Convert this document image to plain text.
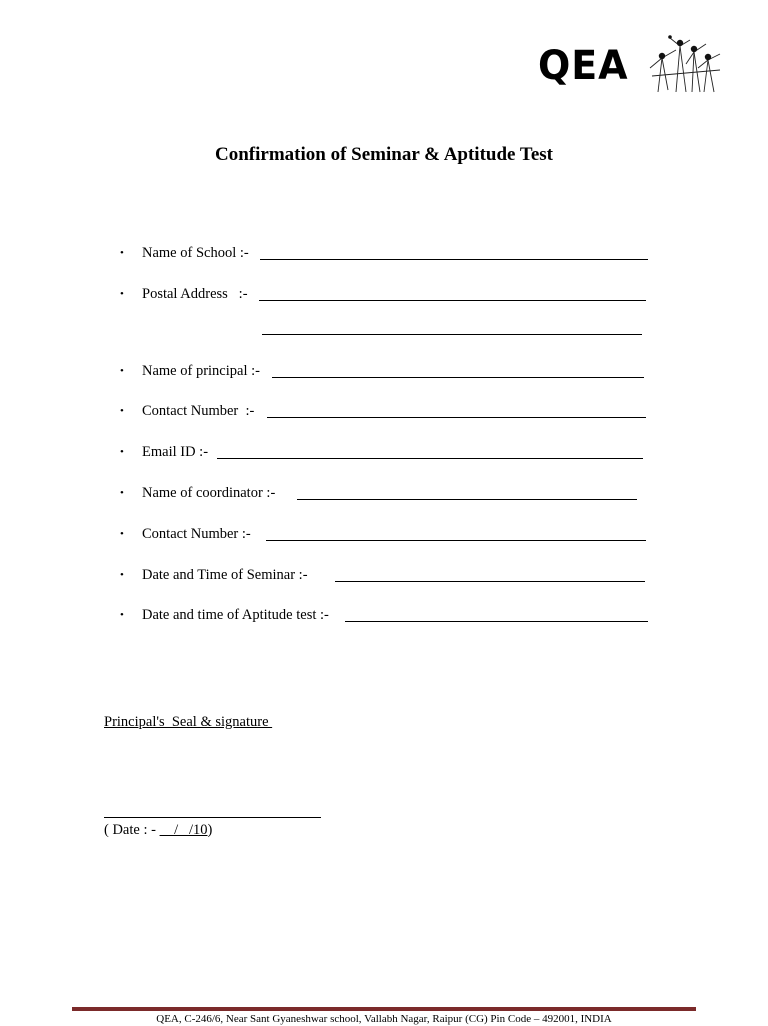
QEA
Confirmation of Seminar & Aptitude Test
• Name of School :-
• Postal Address   :-
• Name of principal :-
• Contact Number  :-
• Email ID :-
• Name of coordinator :-
• Contact Number :-
• Date and Time of Seminar :-
• Date and time of Aptitude test :-
Principal's  Seal & signature
( Date : -     /   /10)
QEA, C-246/6, Near Sant Gyaneshwar school, Vallabh Nagar, Raipur (CG) Pin Code – 492001, INDIA
